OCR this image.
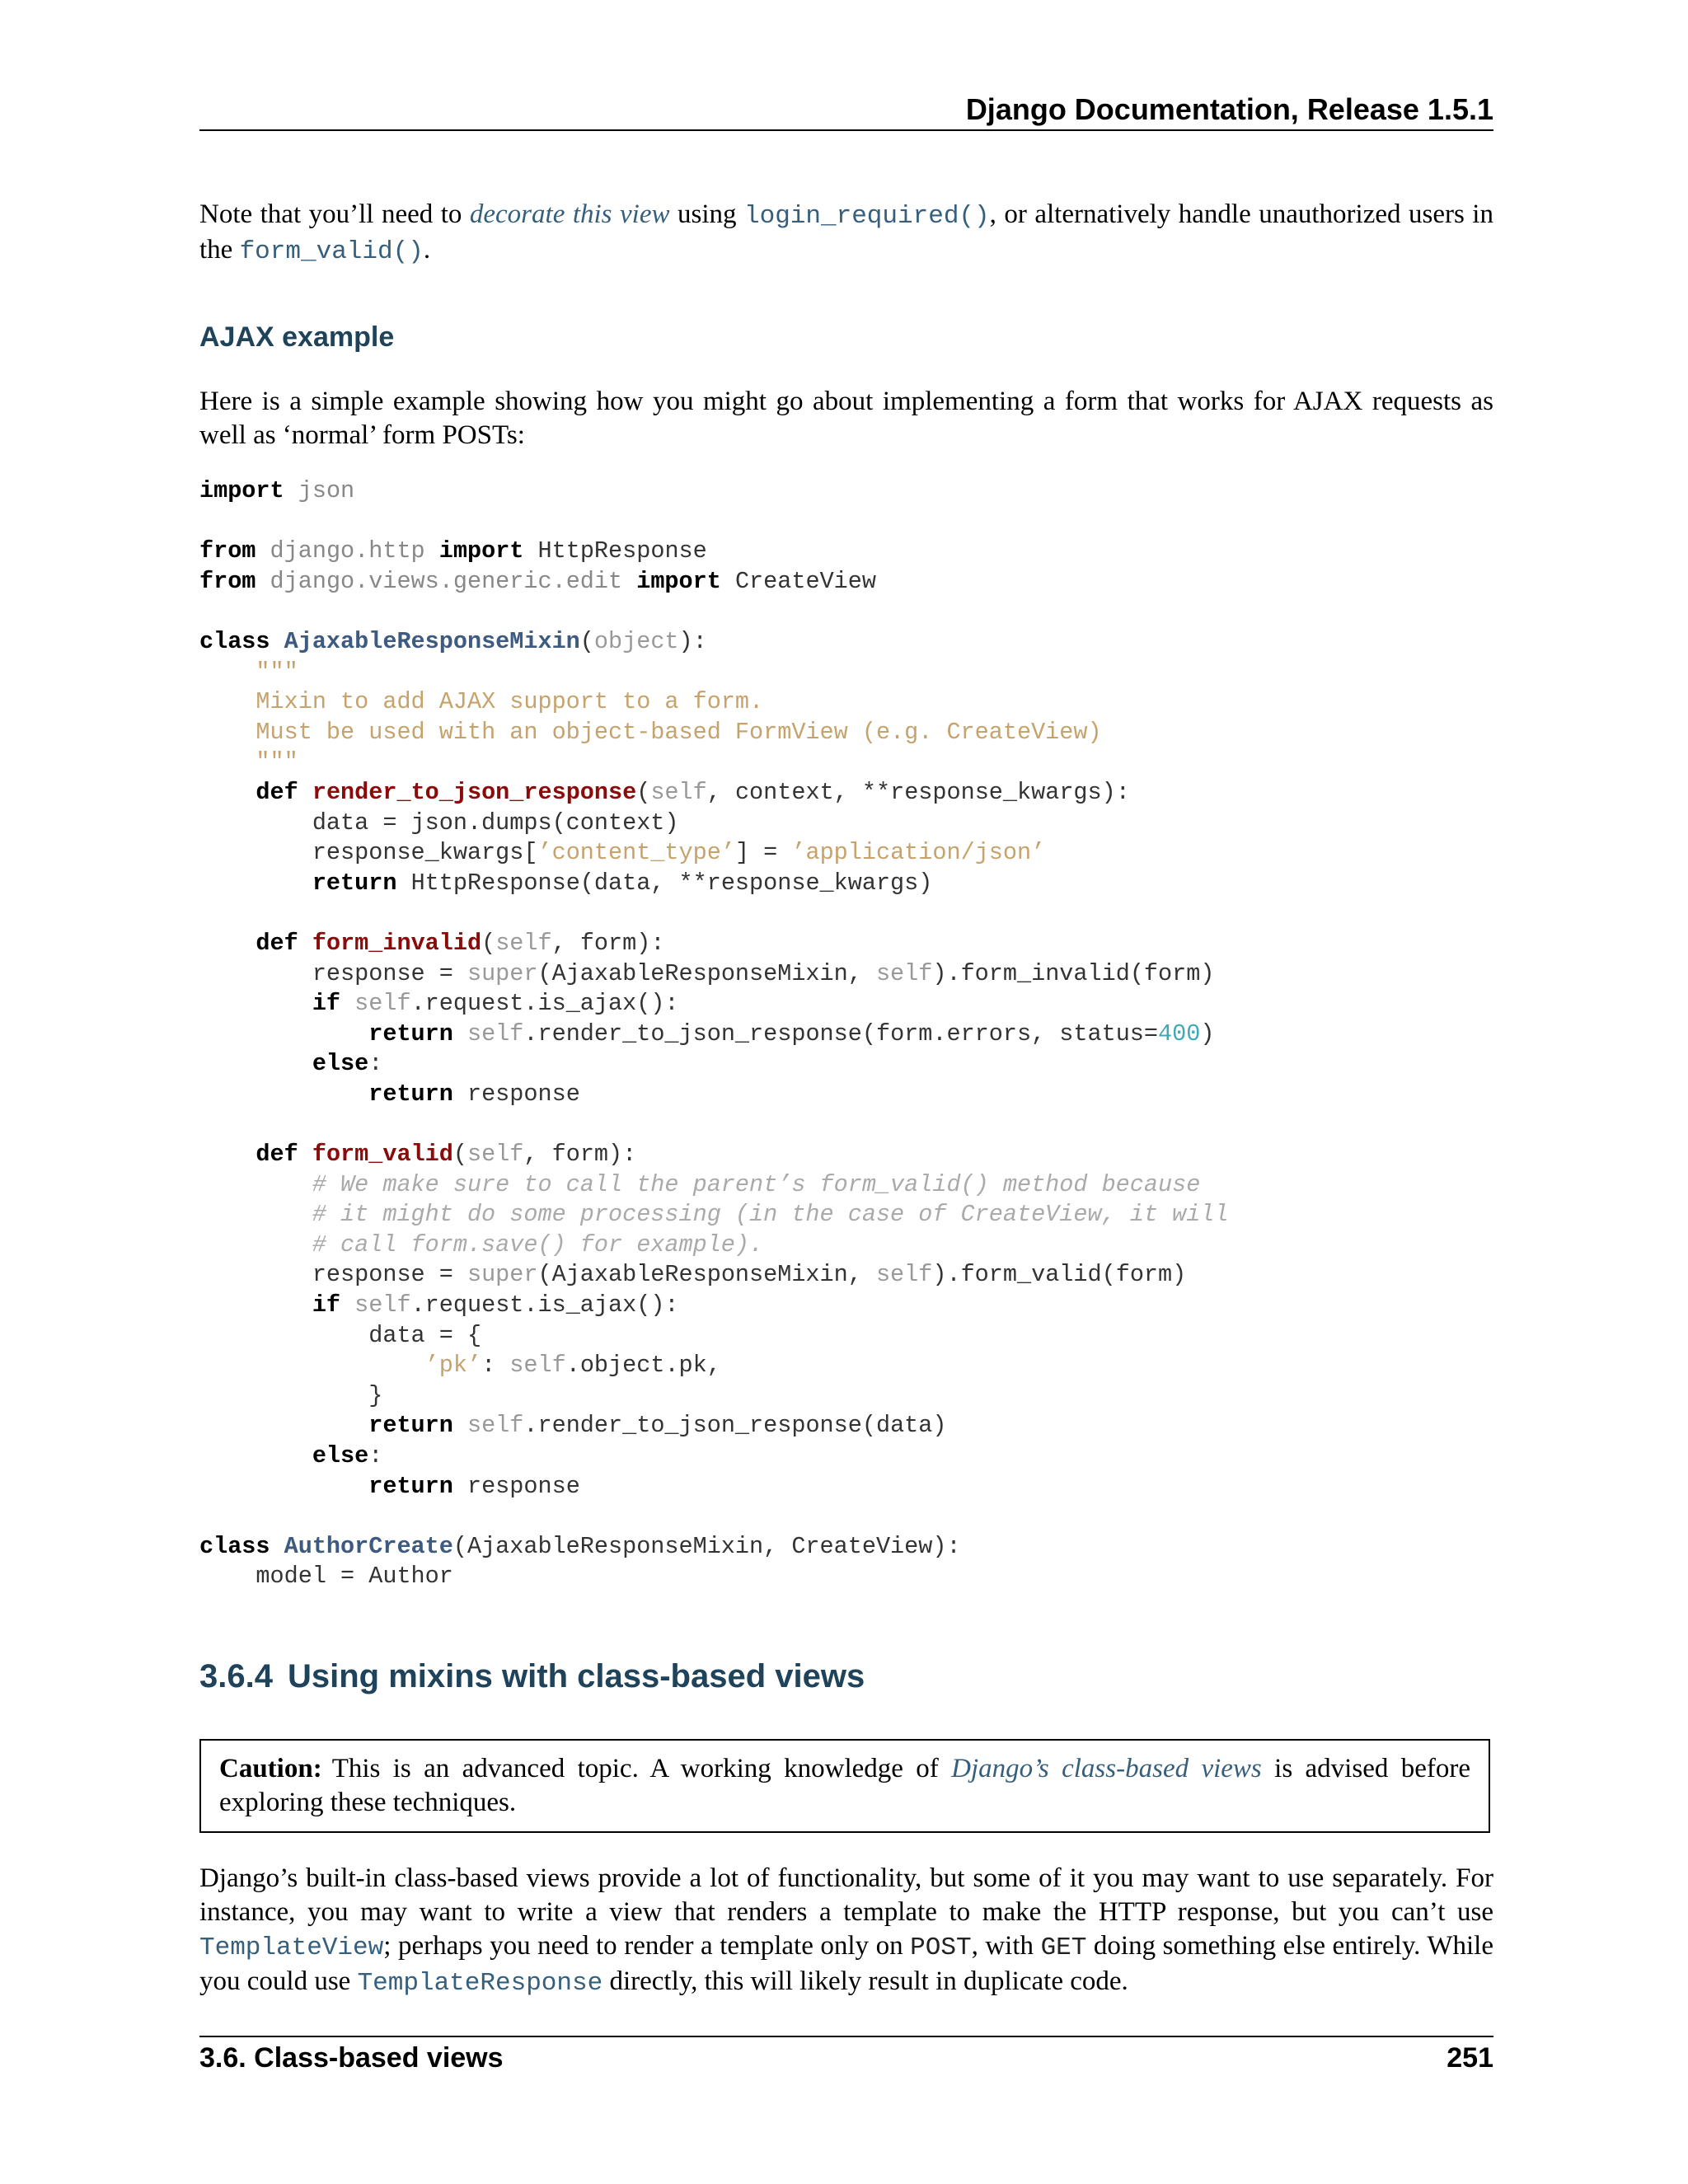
Django Documentation, Release 1.5.1

Note that you’ll need to decorate this view using login_required(), or alternatively handle unauthorized users in the form_valid().

AJAX example

Here is a simple example showing how you might go about implementing a form that works for AJAX requests as well as ‘normal’ form POSTs:

import json

from django.http import HttpResponse
from django.views.generic.edit import CreateView

class AjaxableResponseMixin(object):
"""
Mixin to add AJAX support to a form.
Must be used with an object-based FormView (e.g. CreateView)
"""
def render_to_json_response(self, context, **response_kwargs):
data = json.dumps(context)
response_kwargs[’content_type’] = ’application/json’
return HttpResponse(data, **response_kwargs)

def form_invalid(self, form):
response = super(AjaxableResponseMixin, self).form_invalid(form)
if self.request.is_ajax():
return self.render_to_json_response(form.errors, status=400)
else:
return response

def form_valid(self, form):
# We make sure to call the parent’s form_valid() method because
# it might do some processing (in the case of CreateView, it will
# call form.save() for example).
response = super(AjaxableResponseMixin, self).form_valid(form)
if self.request.is_ajax():
data = {
’pk’: self.object.pk,
}
return self.render_to_json_response(data)
else:
return response

class AuthorCreate(AjaxableResponseMixin, CreateView):
model = Author
3.6.4 Using mixins with class-based views
Caution: This is an advanced topic. A working knowledge of Django’s class-based views is advised before exploring these techniques.

Django’s built-in class-based views provide a lot of functionality, but some of it you may want to use separately. For instance, you may want to write a view that renders a template to make the HTTP response, but you can’t use TemplateView; perhaps you need to render a template only on POST, with GET doing something else entirely. While you could use TemplateResponse directly, this will likely result in duplicate code.

3.6. Class-based views	251
